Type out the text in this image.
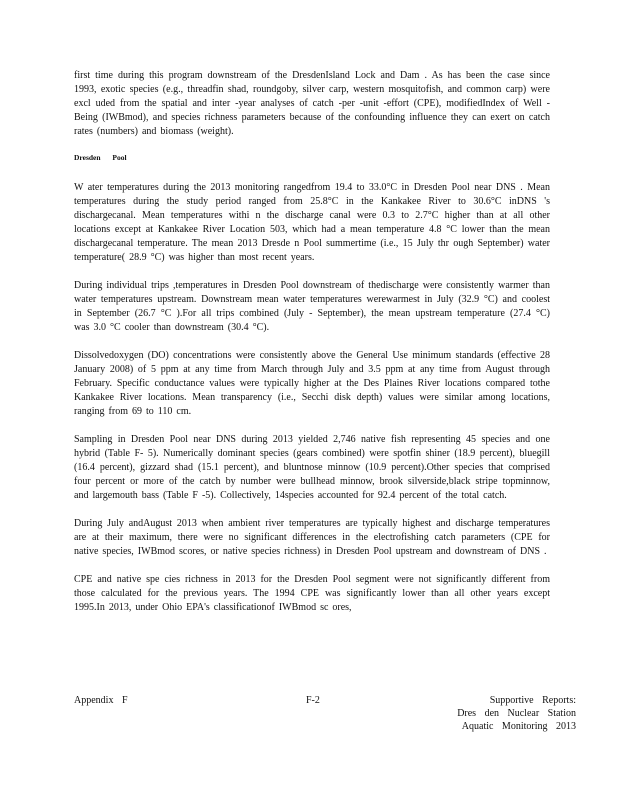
first time during this program downstream of the DresdenIsland Lock and Dam . As has been the case since 1993, exotic species (e.g., threadfin shad, roundgoby, silver carp, western mosquitofish, and common carp) were excl uded from the spatial and inter -year analyses of catch -per -unit -effort (CPE), modifiedIndex of Well - Being (IWBmod), and species richness parameters because of the confounding influence they can exert on catch rates (numbers) and biomass (weight).

Dresden Pool

W ater temperatures during the 2013 monitoring rangedfrom 19.4 to 33.0°C in Dresden Pool near DNS . Mean temperatures during the study period ranged from 25.8°C in the Kankakee River to 30.6°C inDNS 's dischargecanal. Mean temperatures withi n the discharge canal were 0.3 to 2.7°C higher than at all other locations except at Kankakee River Location 503, which had a mean temperature 4.8 °C lower than the mean dischargecanal temperature. The mean 2013 Dresde n Pool summertime (i.e., 15 July thr ough September) water temperature( 28.9 °C) was higher than most recent years.

During individual trips ,temperatures in Dresden Pool downstream of thedischarge were consistently warmer than water temperatures upstream. Downstream mean water temperatures werewarmest in July (32.9 °C) and coolest in September (26.7 °C ).For all trips combined (July - September), the mean upstream temperature (27.4 °C) was 3.0 °C cooler than downstream (30.4 °C).

Dissolvedoxygen (DO) concentrations were consistently above the General Use minimum standards (effective 28 January 2008) of 5 ppm at any time from March through July and 3.5 ppm at any time from August through February. Specific conductance values were typically higher at the Des Plaines River locations compared tothe Kankakee River locations. Mean transparency (i.e., Secchi disk depth) values were similar among locations, ranging from 69 to 110 cm.

Sampling in Dresden Pool near DNS during 2013 yielded 2,746 native fish representing 45 species and one hybrid (Table F- 5). Numerically dominant species (gears combined) were spotfin shiner (18.9 percent), bluegill (16.4 percent), gizzard shad (15.1 percent), and bluntnose minnow (10.9 percent).Other species that comprised four percent or more of the catch by number were bullhead minnow, brook silverside,black stripe topminnow, and largemouth bass (Table F -5). Collectively, 14species accounted for 92.4 percent of the total catch.

During July andAugust 2013 when ambient river temperatures are typically highest and discharge temperatures are at their maximum, there were no significant differences in the electrofishing catch parameters (CPE for native species, IWBmod scores, or native species richness) in Dresden Pool upstream and downstream of DNS .

CPE and native spe cies richness in 2013 for the Dresden Pool segment were not significantly different from those calculated for the previous years. The 1994 CPE was significantly lower than all other years except 1995.In 2013, under Ohio EPA's classificationof IWBmod sc ores,

Appendix F	F-2	Supportive Reports:
Dres den Nuclear Station
Aquatic Monitoring 2013
